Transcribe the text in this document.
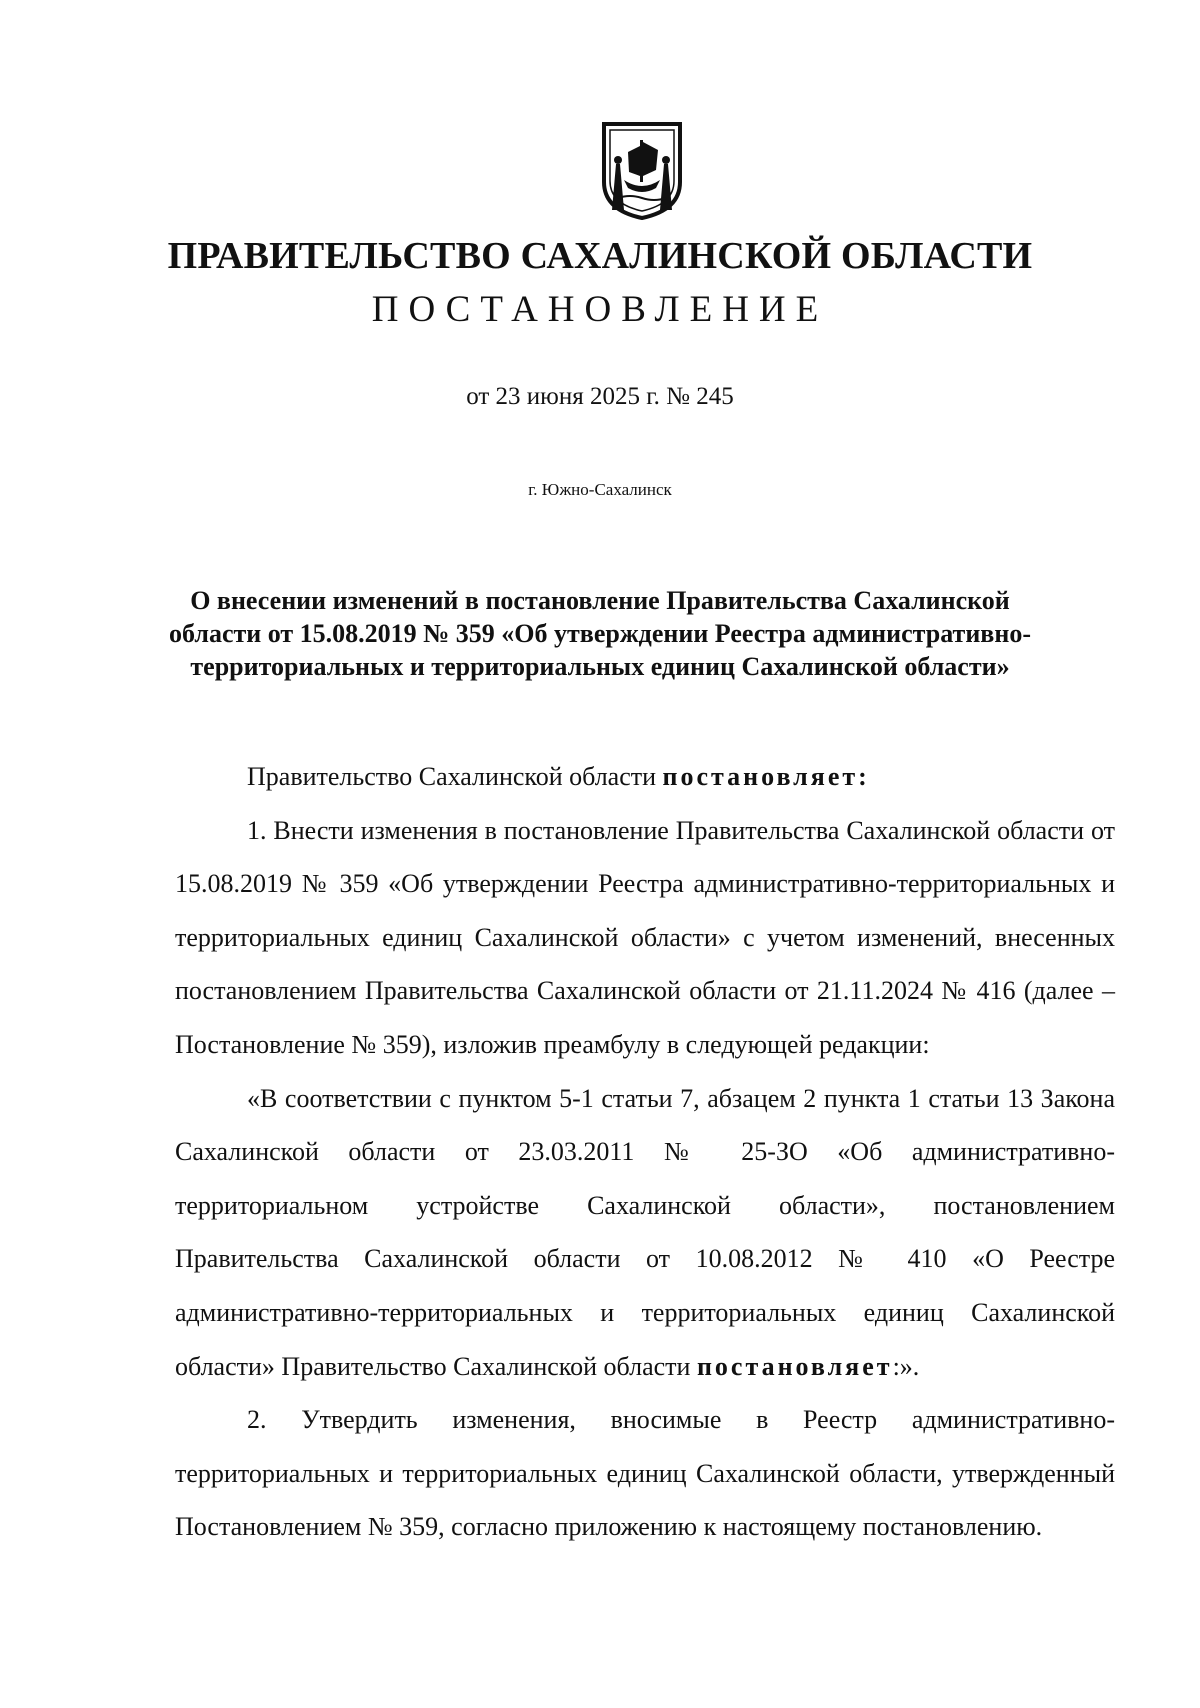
ПРАВИТЕЛЬСТВО САХАЛИНСКОЙ ОБЛАСТИ
ПОСТАНОВЛЕНИЕ
от 23 июня 2025 г. № 245
г. Южно-Сахалинск
О внесении изменений в постановление Правительства Сахалинской области от 15.08.2019 № 359 «Об утверждении Реестра административно-территориальных и территориальных единиц Сахалинской области»

Правительство Сахалинской области постановляет:

1. Внести изменения в постановление Правительства Сахалинской области от 15.08.2019 № 359 «Об утверждении Реестра административно-территориальных и территориальных единиц Сахалинской области» с учетом изменений, внесенных постановлением Правительства Сахалинской области от 21.11.2024 № 416 (далее – Постановление № 359), изложив преамбулу в следующей редакции:

«В соответствии с пунктом 5-1 статьи 7, абзацем 2 пункта 1 статьи 13 Закона Сахалинской области от 23.03.2011 № 25-ЗО «Об административно-территориальном устройстве Сахалинской области», постановлением Правительства Сахалинской области от 10.08.2012 № 410 «О Реестре административно-территориальных и территориальных единиц Сахалинской области» Правительство Сахалинской области постановляет:».

2. Утвердить изменения, вносимые в Реестр административно-территориальных и территориальных единиц Сахалинской области, утвержденный Постановлением № 359, согласно приложению к настоящему постановлению.
